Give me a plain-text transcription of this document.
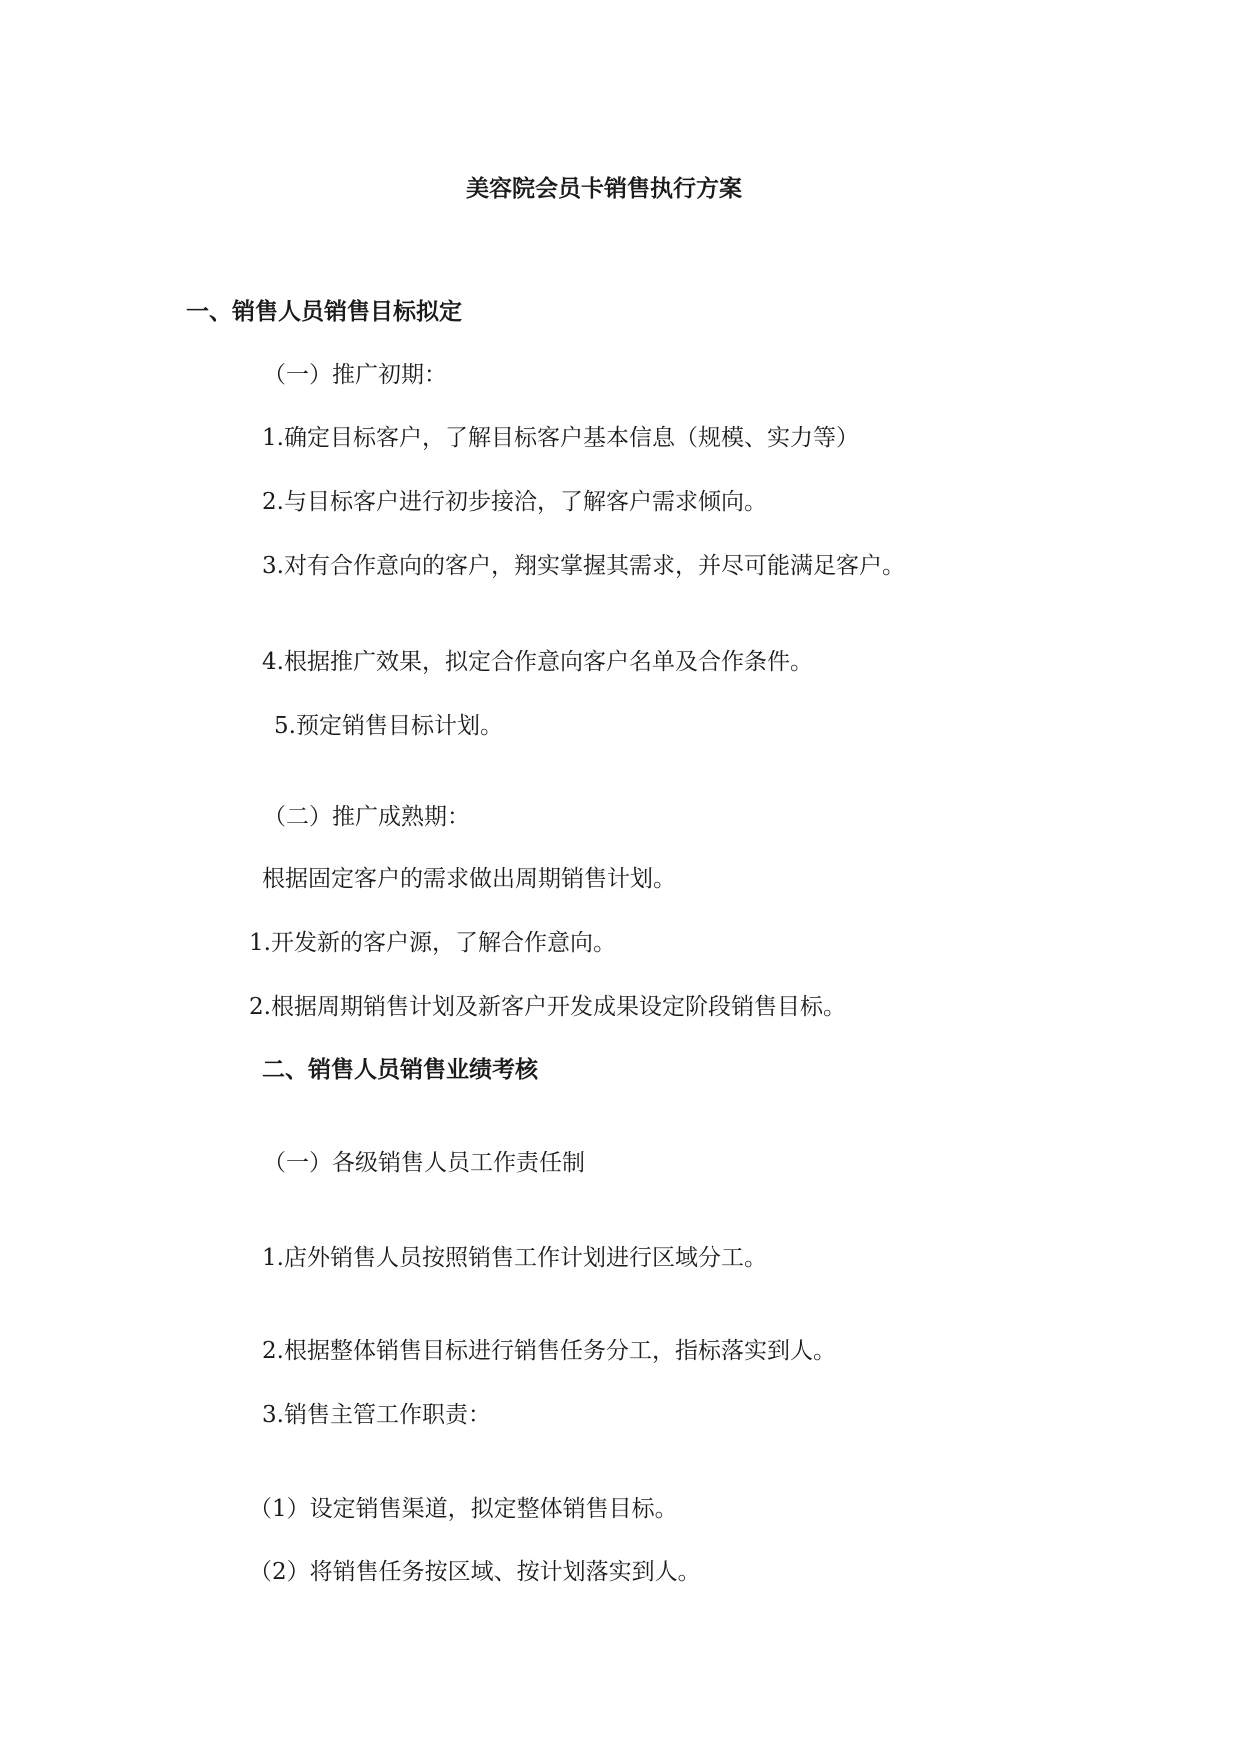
美容院会员卡销售执行方案
一、销售人员销售目标拟定
（一）推广初期：
1.确定目标客户，了解目标客户基本信息（规模、实力等）
2.与目标客户进行初步接洽，了解客户需求倾向。
3.对有合作意向的客户，翔实掌握其需求，并尽可能满足客户。
4.根据推广效果，拟定合作意向客户名单及合作条件。
5.预定销售目标计划。
（二）推广成熟期：
根据固定客户的需求做出周期销售计划。
1.开发新的客户源，了解合作意向。
2.根据周期销售计划及新客户开发成果设定阶段销售目标。
二、销售人员销售业绩考核
（一）各级销售人员工作责任制
1.店外销售人员按照销售工作计划进行区域分工。
2.根据整体销售目标进行销售任务分工，指标落实到人。
3.销售主管工作职责：
（1）设定销售渠道，拟定整体销售目标。
（2）将销售任务按区域、按计划落实到人。
